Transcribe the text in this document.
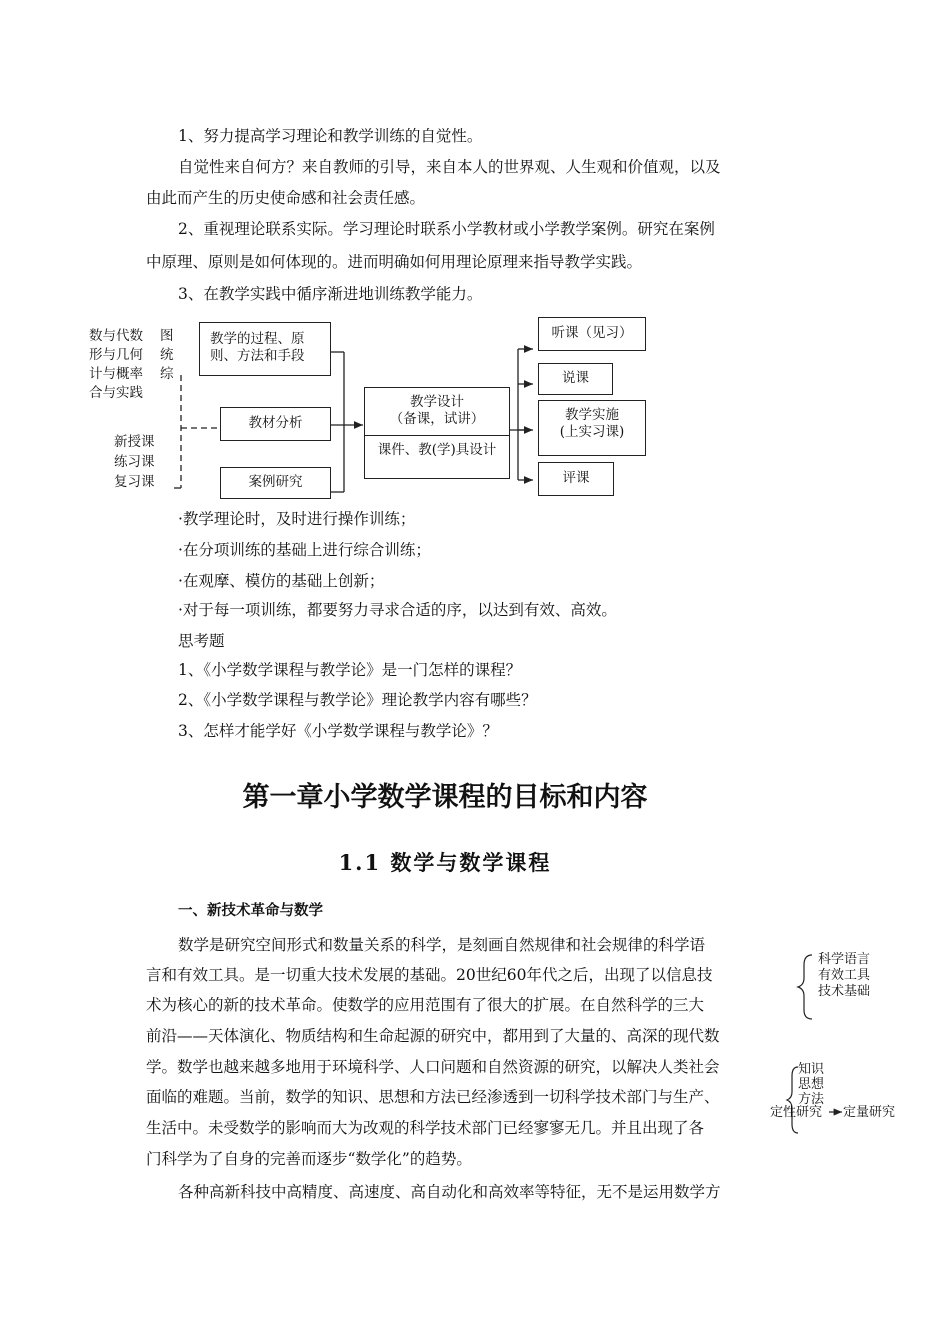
1、努力提高学习理论和教学训练的自觉性。
自觉性来自何方？来自教师的引导，来自本人的世界观、人生观和价值观，以及
由此而产生的历史使命感和社会责任感。
2、重视理论联系实际。学习理论时联系小学教材或小学教学案例。研究在案例
中原理、原则是如何体现的。进而明确如何用理论原理来指导教学实践。
3、在教学实践中循序渐进地训练教学能力。
数与代数
形与几何
计与概率
合与实践
图
统
综
新授课
练习课
复习课
教学的过程、原则、方法和手段
教材分析
案例研究
教学设计
（备课，试讲）
课件、教(学)具设计
听课（见习）
说课
教学实施
(上实习课)
评课
·教学理论时，及时进行操作训练；
·在分项训练的基础上进行综合训练；
·在观摩、模仿的基础上创新；
·对于每一项训练，都要努力寻求合适的序，以达到有效、高效。
思考题
1、《小学数学课程与教学论》是一门怎样的课程？
2、《小学数学课程与教学论》理论教学内容有哪些？
3、怎样才能学好《小学数学课程与教学论》？
第一章小学数学课程的目标和内容
1.1 数学与数学课程
一、新技术革命与数学
数学是研究空间形式和数量关系的科学，是刻画自然规律和社会规律的科学语
言和有效工具。是一切重大技术发展的基础。20世纪60年代之后，出现了以信息技
术为核心的新的技术革命。使数学的应用范围有了很大的扩展。在自然科学的三大
前沿——天体演化、物质结构和生命起源的研究中，都用到了大量的、高深的现代数
学。数学也越来越多地用于环境科学、人口问题和自然资源的研究，以解决人类社会
面临的难题。当前，数学的知识、思想和方法已经渗透到一切科学技术部门与生产、
生活中。未受数学的影响而大为改观的科学技术部门已经寥寥无几。并且出现了各
门科学为了自身的完善而逐步“数学化”的趋势。
各种高新科技中高精度、高速度、高自动化和高效率等特征，无不是运用数学方
科学语言
有效工具
技术基础
知识
思想
方法
定性研究 定量研究
